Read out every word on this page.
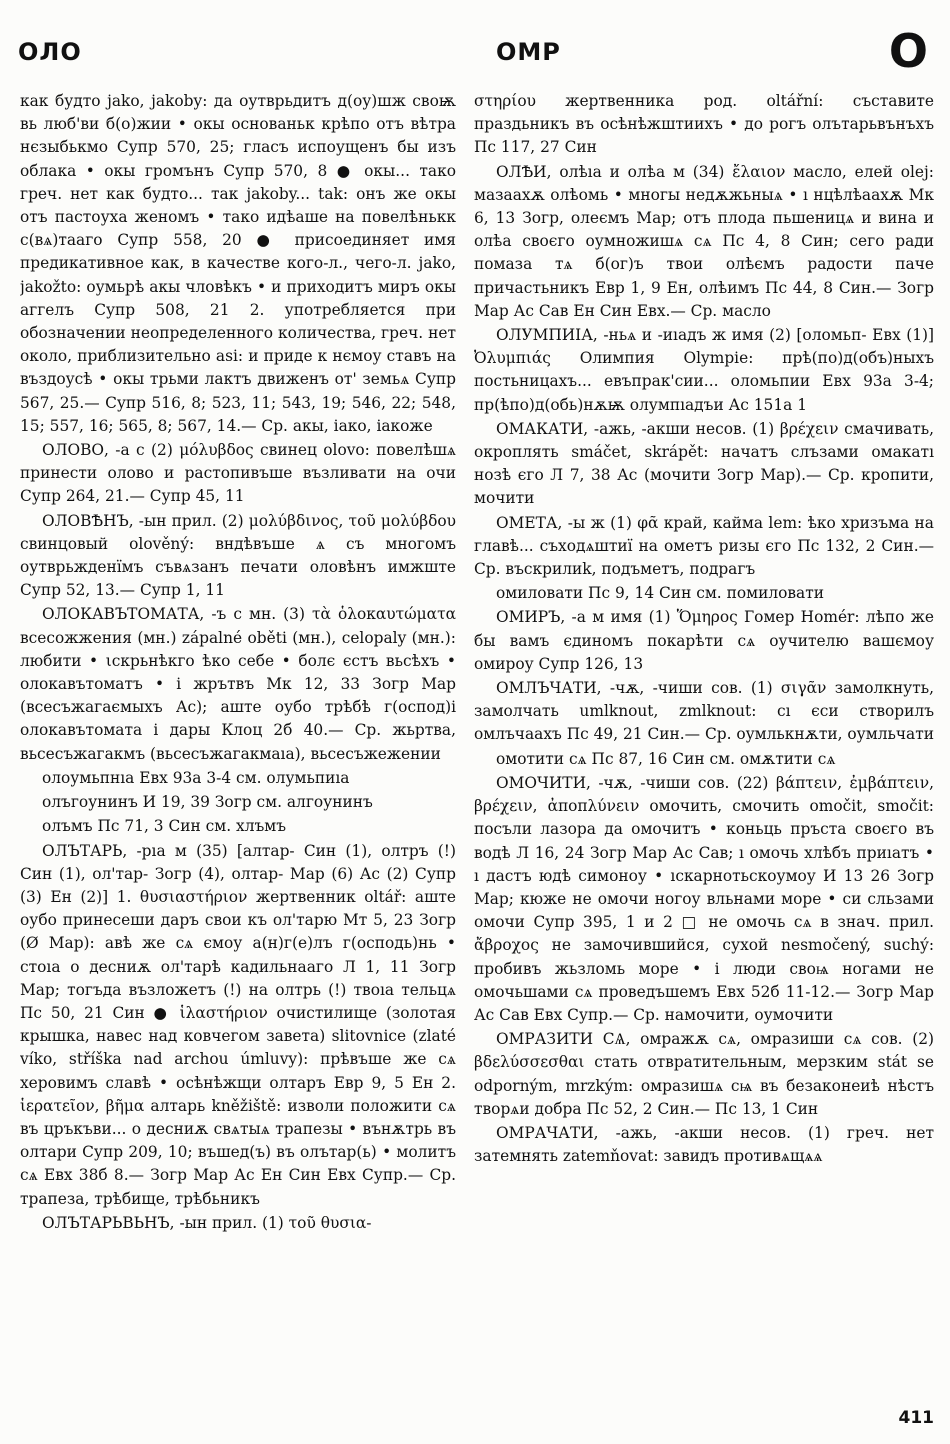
ОЛО	ОМР	О

как будто jako, jakoby: да оутврьдитъ д(оу)шж своѭ вь люб'ви б(о)жии • окы основаньк крѣпо отъ вѣтра нєзыбькмо Супр 570, 25; гласъ испоущенъ бы изъ облака • окы громънъ Супр 570, 8 ● окы... тако греч. нет как будто... так jakoby... tak: онъ же окы отъ пастоуха женомъ • тако идѣаше на повелѣнькк с(вѧ)тааго Супр 558, 20 ● присоединяет имя предикативное как, в качестве кого-л., чего-л. jako, jakožto: оумьрѣ акы чловѣкъ • и приходитъ миръ окы аггелъ Супр 508, 21 2. употребляется при обозначении неопределенного количества, греч. нет около, приблизительно asi: и приде к нємоу ставъ на въздоусѣ • окы трьми лактъ движенъ от' земьѧ Супр 567, 25.— Супр 516, 8; 523, 11; 543, 19; 546, 22; 548, 15; 557, 16; 565, 8; 567, 14.— Ср. акы, іако, іакоже

ОЛОВО, -а с (2) μόλυβδος свинец olovo: повелѣшѧ принести олово и растопивъше възливати на очи Супр 264, 21.— Супр 45, 11

ОЛОВѢНЪ, -ын прил. (2) μολύβδινος, τοῦ μολύβδου свинцовый olověný: вндѣвъше ѧ съ многомъ оутврьжденїмъ съвѧзанъ печати оловѣнъ имжште Супр 52, 13.— Супр 1, 11

ОЛОКАВЪТОМАТА, -ъ с мн. (3) τὰ ὁλοκαυτώματα всесожжения (мн.) zápalné oběti (мн.), celopaly (мн.): любити • ιскрьнѣкго ѣко себе • болє єстъ вьсѣхъ • олокавътоматъ • і жрътвъ Мк 12, 33 Зогр Мар (всесъжагаємыхъ Ас); аште оубо трѣбѣ г(оспод)і олокавътомата і дары Клоц 2б 40.— Ср. жьртва, вьсесъжагакмъ (вьсесъжагакмаıа), вьсесъжежении

олоумьпнıа Евх 93а 3-4 см. олумьпиıа

олъгоунинъ И 19, 39 Зогр см. алгоунинъ

олъмъ Пс 71, 3 Син см. хлъмъ

ОЛЪТАРЬ, -рıа м (35) [алтар- Син (1), олтръ (!) Син (1), ол'тар- Зогр (4), олтар- Мар (6) Ас (2) Супр (3) Ен (2)] 1. θυσιαστήριον жертвенник oltář: аште оубо принесеши даръ свои къ ол'тарю Мт 5, 23 Зогр (Ø Мар): авѣ же сѧ ємоу а(н)г(е)лъ г(осподь)нь • стоıа о десниѫ ол'тарѣ кадильнааго Л 1, 11 Зогр Мар; тогъда възложетъ (!) на олтрь (!) твоıа тельцѧ Пс 50, 21 Син ● ἱλαστήριον очистилище (золотая крышка, навес над ковчегом завета) slitovnice (zlaté víko, stříška nad archou úmluvy): прѣвъше же сѧ херовимъ славѣ • осѣнѣжщи олтаръ Евр 9, 5 Ен 2. ἱερατεῖον, βῆμα алтарь kněžiště: изволи положити сѧ въ цръкъви... о десниѫ свѧтыѧ трапезы • вънѫтрь въ олтари Супр 209, 10; въшед(ъ) въ олътар(ь) • молитъ сѧ Евх 38б 8.— Зогр Мар Ас Ен Син Евх Супр.— Ср. трапеза, трѣбище, трѣбьникъ

ОЛЪТАРЬВЬНЪ, -ын прил. (1) τοῦ θυσια-

στηρίου жертвенника род. oltářní: съставите праздьникъ въ осѣнѣжштиихъ • до рогъ олътарьвънъхъ Пс 117, 27 Син

ОЛѢИ, олѣıа и олѣа м (34) ἔλαιον масло, елей olej: мазаахѫ олѣомь • многы недѫжьныѧ • ı нцѣлѣаахѫ Мк 6, 13 Зогр, олеємъ Мар; отъ плода пьшеницѧ и вина и олѣа своєго оумножишѧ сѧ Пс 4, 8 Син; сего ради помаза тѧ б(ог)ъ твои олѣємъ радости паче причастьникъ Евр 1, 9 Ен, олѣимъ Пс 44, 8 Син.— Зогр Мар Ас Сав Ен Син Евх.— Ср. масло

ОЛУМПИІА, -ньѧ и -иıадъ ж имя (2) [оломьп- Евх (1)] Ὀλυμπιάς Олимпия Olympie: прѣ(по)д(объ)ныхъ постьницахъ... евъпрак'сии... оломьпии Евх 93а 3-4; пр(ѣпо)д(обь)нѫѭ олумпıадъи Ас 151а 1

ОМАКАТИ, -ажь, -акши несов. (1) βρέχειν смачивать, окроплять smáčet, skrápět: начатъ слъзами омакатı нозѣ єго Л 7, 38 Ас (мочити Зогр Мар).— Ср. кропити, мочити

ОМЕТА, -ы ж (1) φᾶ край, кайма lem: ѣко хризъма на главѣ... съходѧштиї на ометъ ризы єго Пс 132, 2 Син.— Ср. въскрилиk, подъметъ, подрагъ

омиловати Пс 9, 14 Син см. помиловати

ОМИРЪ, -а м имя (1) Ὅμηρος Гомер Homér: лѣпо же бы вамъ єдиномъ покарѣти сѧ оучителю вашємоу омироу Супр 126, 13

ОМЛЪЧАТИ, -чѫ, -чиши сов. (1) σιγᾶν замолкнуть, замолчать umlknout, zmlknout: сı єси створилъ омлъчаахъ Пс 49, 21 Син.— Ср. оумлькнѫти, оумльчати

омотити сѧ Пс 87, 16 Син см. омѫтити сѧ

ОМОЧИТИ, -чѫ, -чиши сов. (22) βάπτειν, ἐμβάπτειν, βρέχειν, ἀποπλύνειν омочить, смочить omočit, smočit: посъли лазора да омочитъ • коньць пръста своєго въ водѣ Л 16, 24 Зогр Мар Ас Сав; ı омочь хлѣбъ приıатъ • ı дастъ юдѣ симоноу • ıскарнотьскоумоу И 13 26 Зогр Мар; кюже не омочи ногоу вльнами море • си сльзами омочи Супр 395, 1 и 2 □ не омочь сѧ в знач. прил. ἄβροχος не замочившийся, сухой nesmočený, suchý: пробивъ жьзломь море • і люди своѩ ногами не омочьшами сѧ проведъшемъ Евх 52б 11-12.— Зогр Мар Ас Сав Евх Супр.— Ср. намочити, оумочити

ОМРАЗИТИ СѦ, омражѫ сѧ, омразиши сѧ сов. (2) βδελύσσεσθαι стать отвратительным, мерзким stát se odporným, mrzkým: омразишѧ сѩ въ безаконеиѣ нѣстъ творѧи добра Пс 52, 2 Син.— Пс 13, 1 Син

ОМРАЧАТИ, -ажь, -акши несов. (1) греч. нет затемнять zatemňovat: завидъ противѧщѧѧ

411
